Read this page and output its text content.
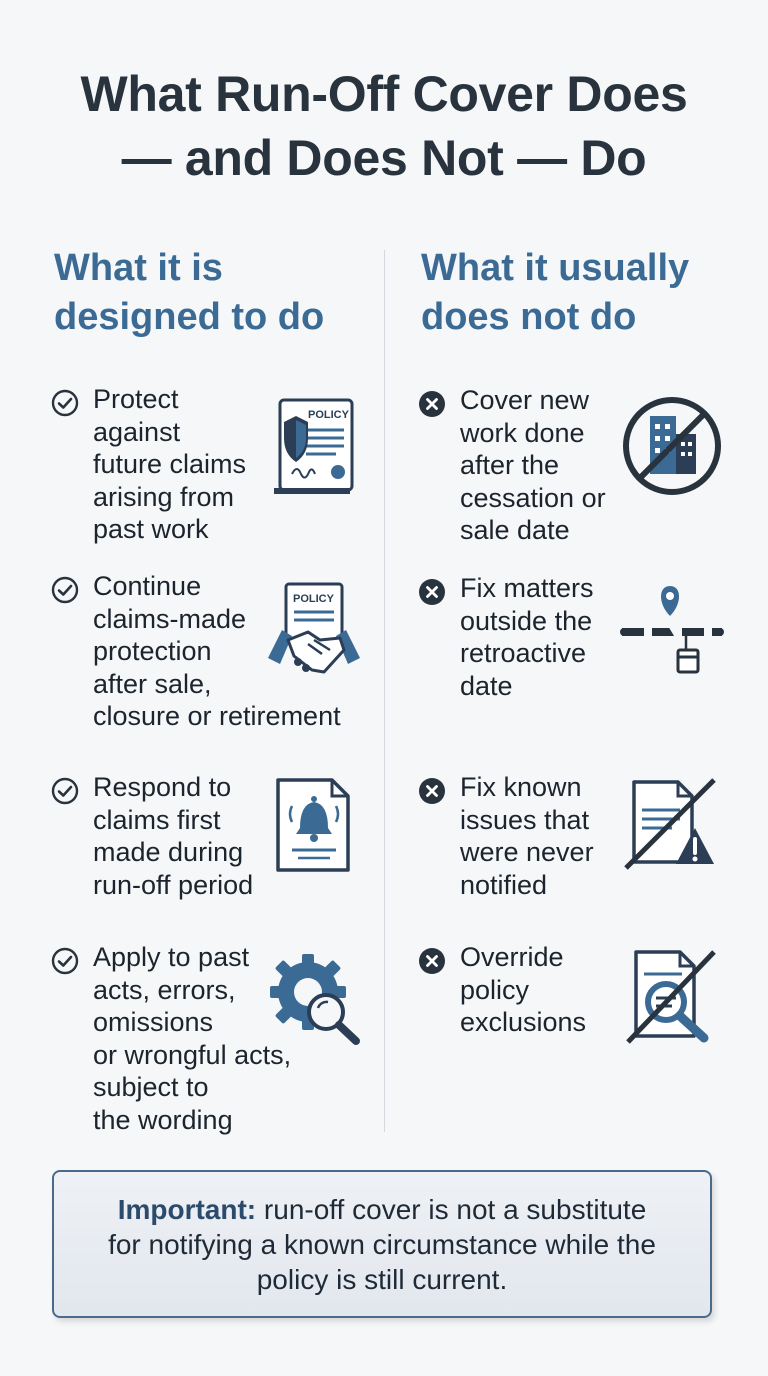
What Run-Off Cover Does
— and Does Not — Do
What it is
designed to do
What it usually
does not do
Protect
against
future claims
arising from
past work
POLICY
Continue
claims-made
protection
after sale,
closure or retirement
POLICY
Respond to
claims first
made during
run-off period
Apply to past
acts, errors,
omissions
or wrongful acts,
subject to
the wording
Cover new
work done
after the
cessation or
sale date
Fix matters
outside the
retroactive
date
Fix known
issues that
were never
notified
Override
policy
exclusions
Important: run-off cover is not a substitute
for notifying a known circumstance while the
policy is still current.
